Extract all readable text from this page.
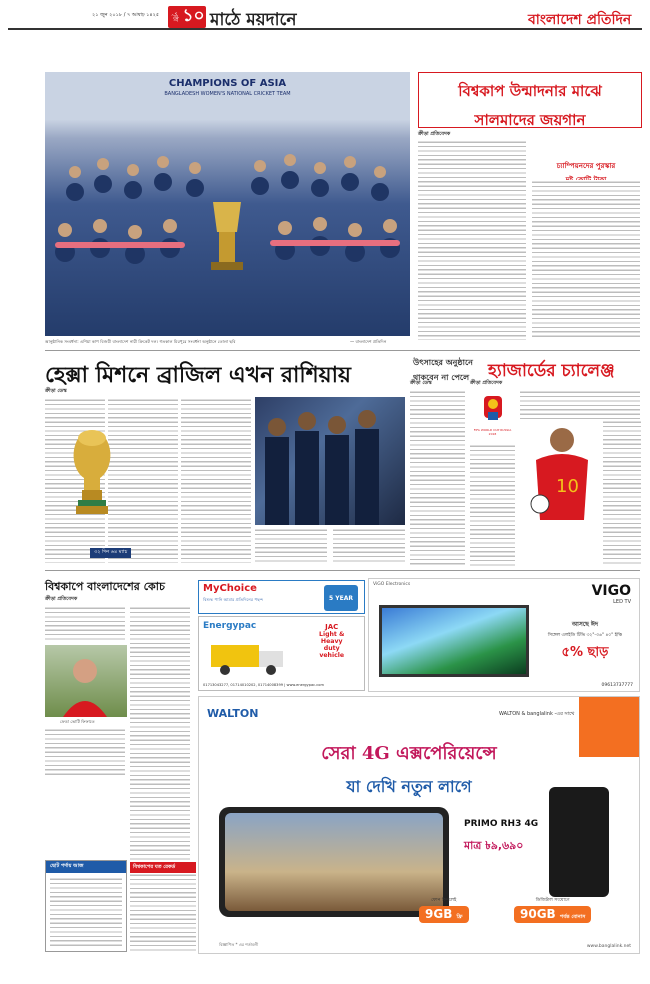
২১ জুন ২০১৮ / ৭ আষাঢ় ১৪২৫	পৃষ্ঠা ১০ মাঠে ময়দানে	বাংলাদেশ প্রতিদিন
CHAMPIONS OF ASIA
BANGLADESH WOMEN'S NATIONAL CRICKET TEAM
আনুষ্ঠানিক সংবর্ধনা: এশিয়া কাপ বিজয়ী বাংলাদেশ নারী ক্রিকেট দল। গতকাল মিরপুরে সংবর্ধনা অনুষ্ঠানে তোলা ছবি	— বাংলাদেশ প্রতিদিন
বিশ্বকাপ উন্মাদনার মাঝে
সালমাদের জয়গান
ক্রীড়া প্রতিবেদক
চ্যাম্পিয়নদের পুরস্কার
হেক্সা মিশনে ব্রাজিল এখন রাশিয়ায়
ক্রীড়া ডেস্ক
৩২ দিন ৬৪ ম্যাচ
উৎসাহের অনুষ্ঠানে
থাকবেন না পেলে
ক্রীড়া ডেস্ক
FIFA WORLD CUP RUSSIA 2018
হ্যাজার্ডের চ্যালেঞ্জ
ক্রীড়া প্রতিবেদক
10
বিশ্বকাপে বাংলাদেশের কোচ
ক্রীড়া প্রতিবেদক
ফেডা ভোটি ফিফাতে
MyChoice
বিশুদ্ধ পানি আমার প্রতিদিনের পছন্দ	5 YEAR
Energypac	JAC
Light &
Heavy
duty
vehicle
01713043277, 01714010202, 01714008399 | www.energypac.com
ViGO Electronics	VIGO
LED TV
আসছে ঈদ
সিঙ্গেল এলইডি টিভি ৩২"-৩৬" ৪০" ইঞ্চি
৫% ছাড়
09613737777
ছোট পর্দায় আজ	বিশ্বকাপের যত রেকর্ড
WALTON	WALTON & banglalink -এর সাথে
সেরা 4G এক্সপেরিয়েন্সে
যা দেখি নতুন লাগে
PRIMO RH3 4G
মাত্র ৳৯,৬৯০
ফোন কিনলেই
9GB ফ্রি
ডিজিটাল সংযোগে
90GB পর্যন্ত বোনাস
বিজ্ঞাপিত * এর শর্তাবলী	www.banglalink.net
